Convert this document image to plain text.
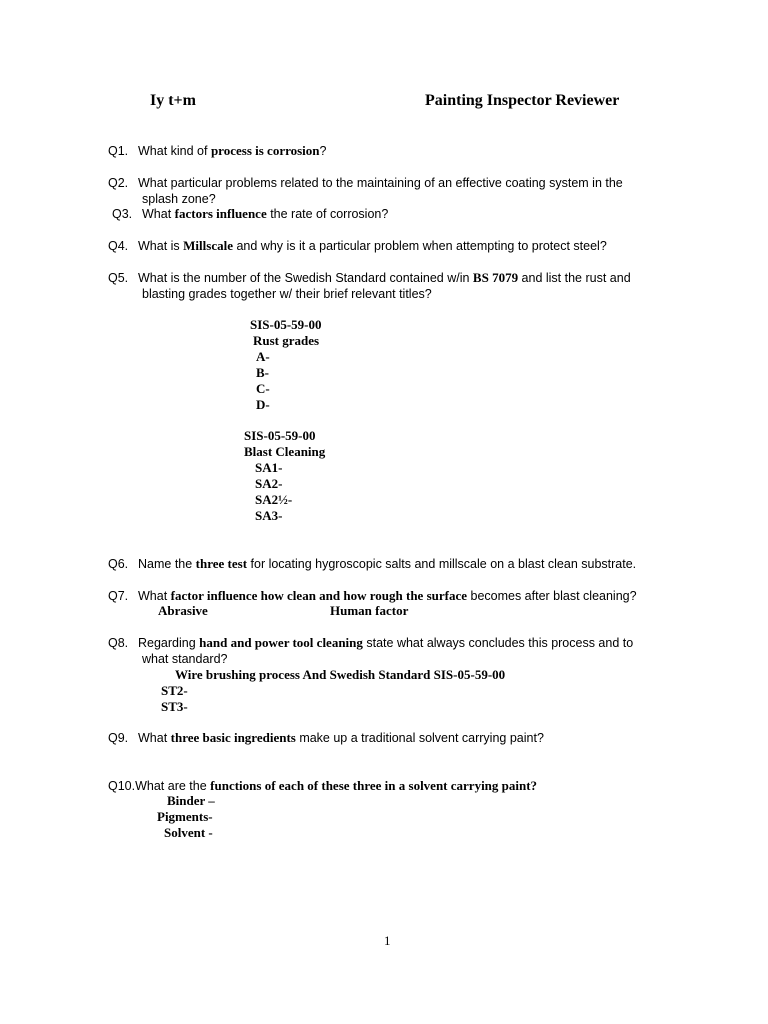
Iy t+m	Painting Inspector Reviewer
Q1. What kind of process is corrosion?
Q2. What particular problems related to the maintaining of an effective coating system in the
splash zone?
Q3. What factors influence the rate of corrosion?
Q4. What is Millscale and why is it a particular problem when attempting to protect steel?
Q5. What is the number of the Swedish Standard contained w/in BS 7079 and list the rust and
blasting grades together w/ their brief relevant titles?
SIS-05-59-00
Rust grades
A-
B-
C-
D-
SIS-05-59-00
Blast Cleaning
SA1-
SA2-
SA2½-
SA3-
Q6. Name the three test for locating hygroscopic salts and millscale on a blast clean substrate.
Q7. What factor influence how clean and how rough the surface becomes after blast cleaning?
Abrasive	Human factor
Q8. Regarding hand and power tool cleaning state what always concludes this process and to
what standard?
Wire brushing process And Swedish Standard SIS-05-59-00
ST2-
ST3-
Q9. What three basic ingredients make up a traditional solvent carrying paint?
Q10.What are the functions of each of these three in a solvent carrying paint?
Binder –
Pigments-
Solvent -
1
